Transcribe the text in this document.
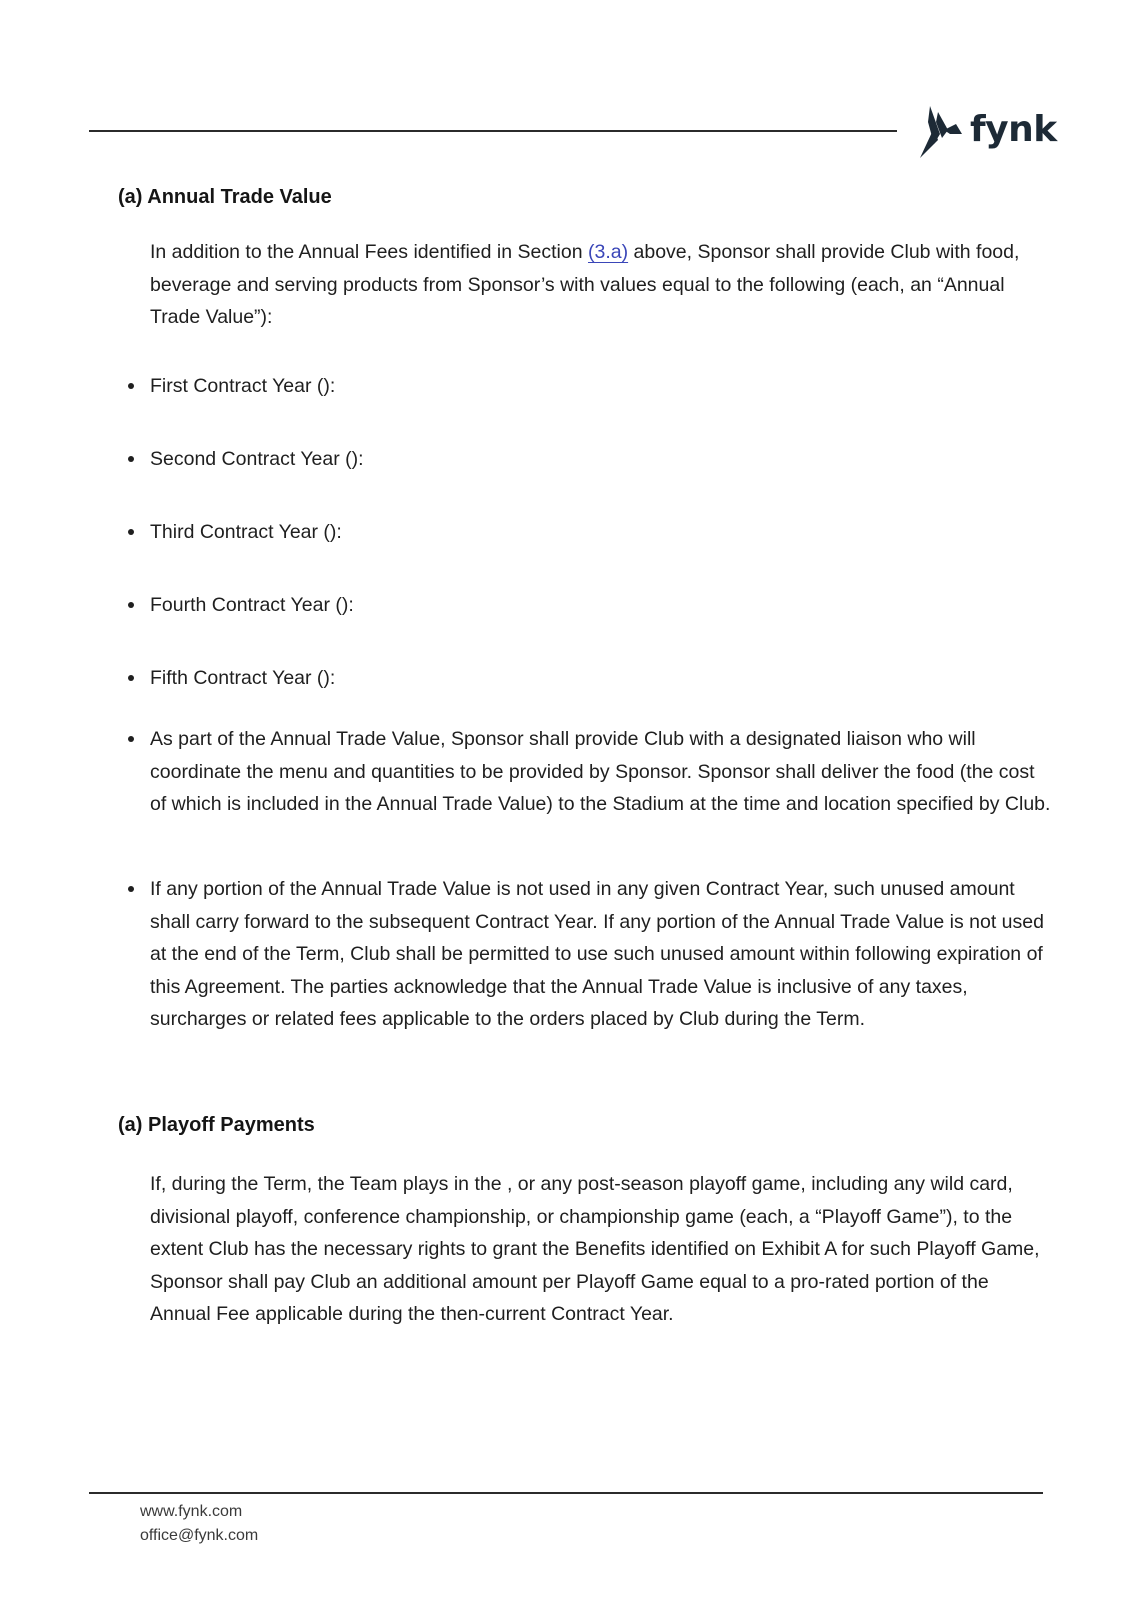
fynk
(a) Annual Trade Value

In addition to the Annual Fees identified in Section (3.a) above, Sponsor shall provide Club with food, beverage and serving products from Sponsor’s with values equal to the following (each, an “Annual Trade Value”):

First Contract Year ():
Second Contract Year ():
Third Contract Year ():
Fourth Contract Year ():
Fifth Contract Year ():
As part of the Annual Trade Value, Sponsor shall provide Club with a designated liaison who will coordinate the menu and quantities to be provided by Sponsor. Sponsor shall deliver the food (the cost of which is included in the Annual Trade Value) to the Stadium at the time and location specified by Club.
If any portion of the Annual Trade Value is not used in any given Contract Year, such unused amount shall carry forward to the subsequent Contract Year. If any portion of the Annual Trade Value is not used at the end of the Term, Club shall be permitted to use such unused amount within following expiration of this Agreement. The parties acknowledge that the Annual Trade Value is inclusive of any taxes, surcharges or related fees applicable to the orders placed by Club during the Term.
(a) Playoff Payments

If, during the Term, the Team plays in the , or any post-season playoff game, including any wild card, divisional playoff, conference championship, or championship game (each, a “Playoff Game”), to the extent Club has the necessary rights to grant the Benefits identified on Exhibit A for such Playoff Game, Sponsor shall pay Club an additional amount per Playoff Game equal to a pro-rated portion of the Annual Fee applicable during the then-current Contract Year.

www.fynk.com

office@fynk.com
